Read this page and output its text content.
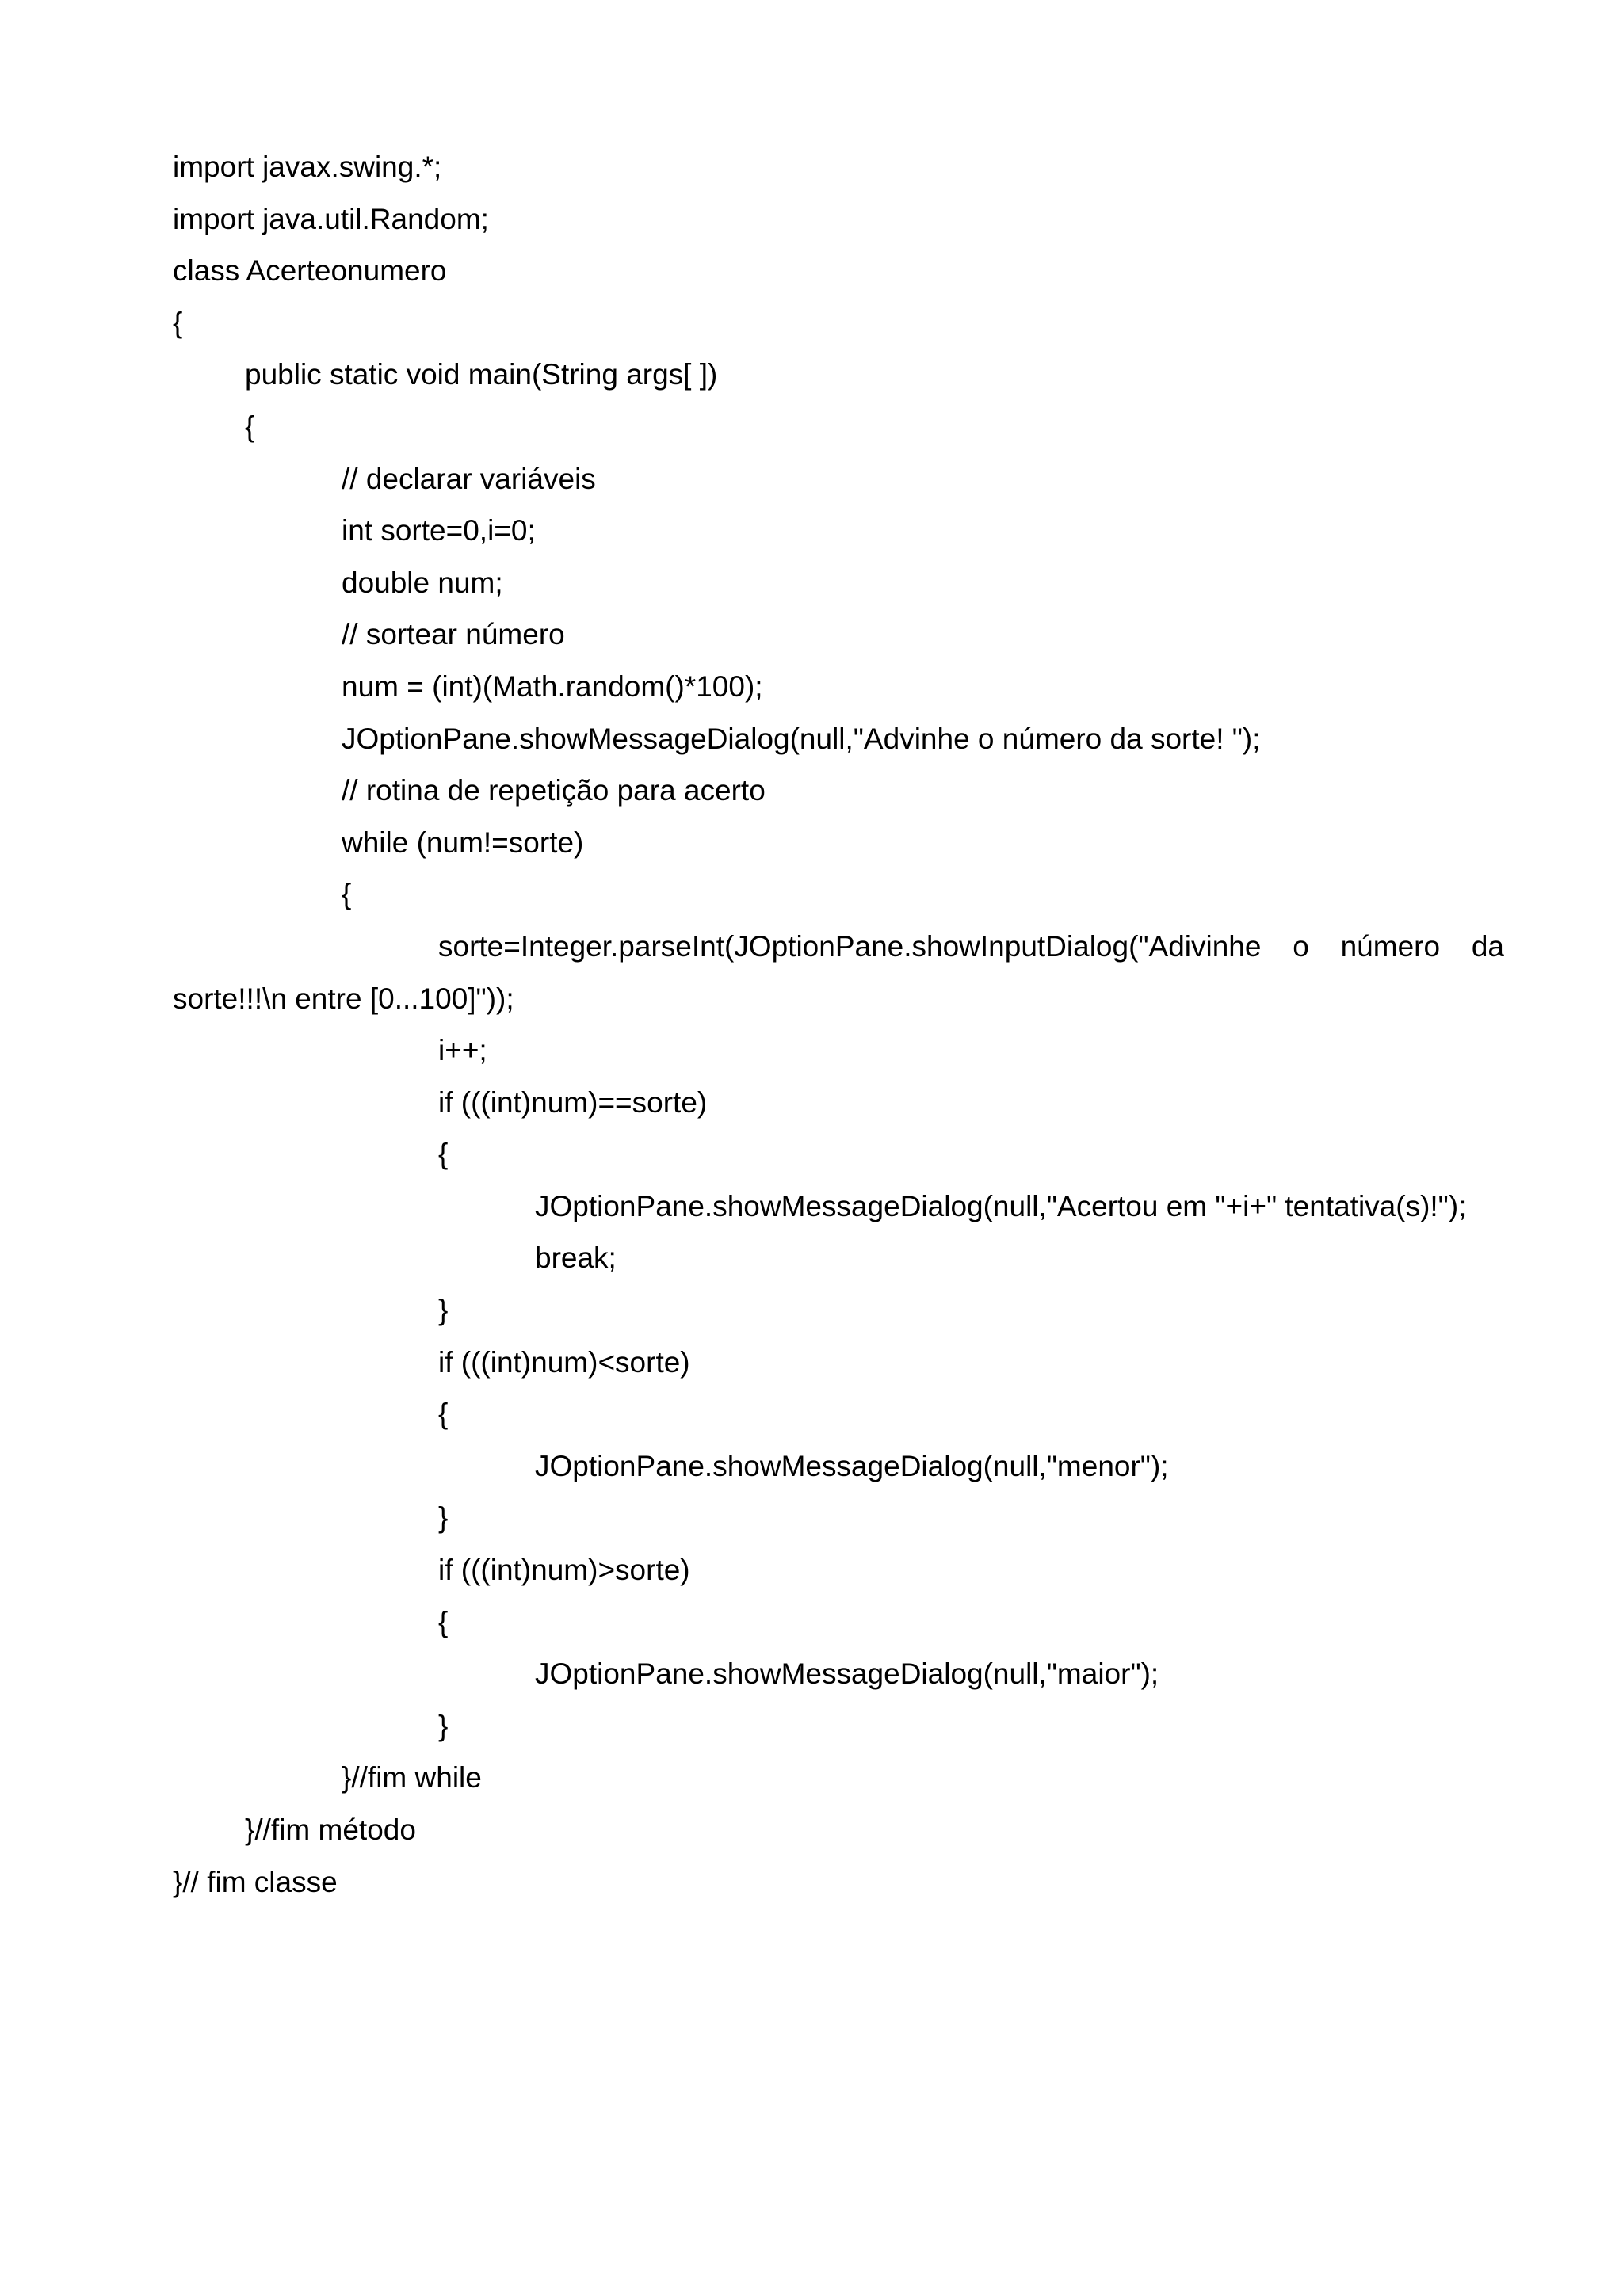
import javax.swing.*;
import java.util.Random;
class Acerteonumero
{
public static void main(String args[ ])
{
// declarar variáveis
int sorte=0,i=0;
double num;
// sortear número
num = (int)(Math.random()*100);
JOptionPane.showMessageDialog(null,"Advinhe o número da sorte! ");
// rotina de repetição para acerto
while (num!=sorte)
{
sorte=Integer.parseInt(JOptionPane.showInputDialog("Adivinhe o número da
sorte!!!\n entre [0...100]"));
i++;
if (((int)num)==sorte)
{
JOptionPane.showMessageDialog(null,"Acertou em "+i+" tentativa(s)!");
break;
}
if (((int)num)<sorte)
{
JOptionPane.showMessageDialog(null,"menor");
}
if (((int)num)>sorte)
{
JOptionPane.showMessageDialog(null,"maior");
}
}//fim while
}//fim método
}// fim classe
